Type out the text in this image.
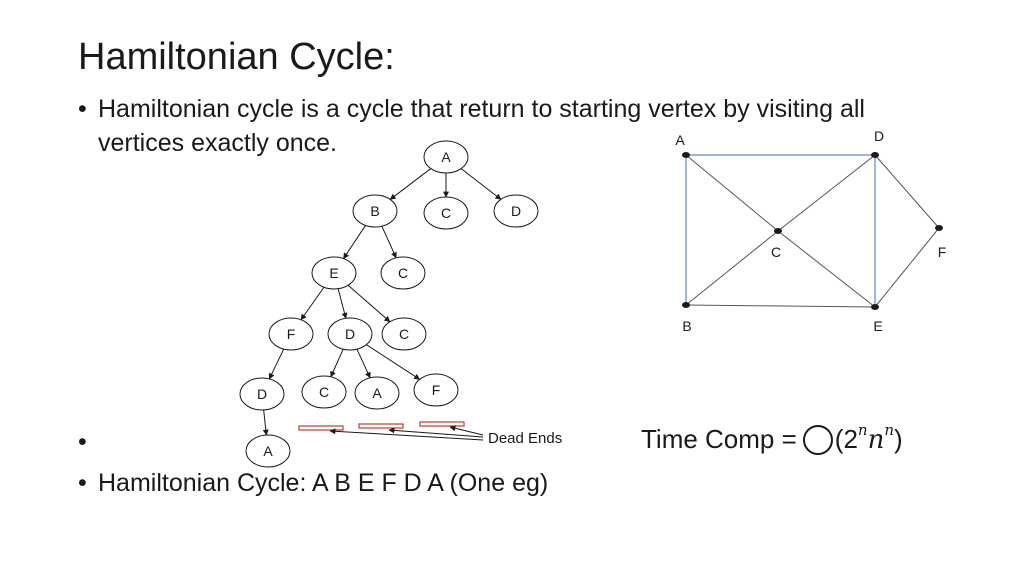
Hamiltonian Cycle:
• Hamiltonian cycle is a cycle that return to starting vertex by visiting all vertices exactly once.
•
• Hamiltonian Cycle: A B E F D A (One eg)
A
B	C	D
E	C
F	D	C
D	C	A	F
A
Dead Ends
A	D
C	F
B	E
Time Comp = (2 n n n )
